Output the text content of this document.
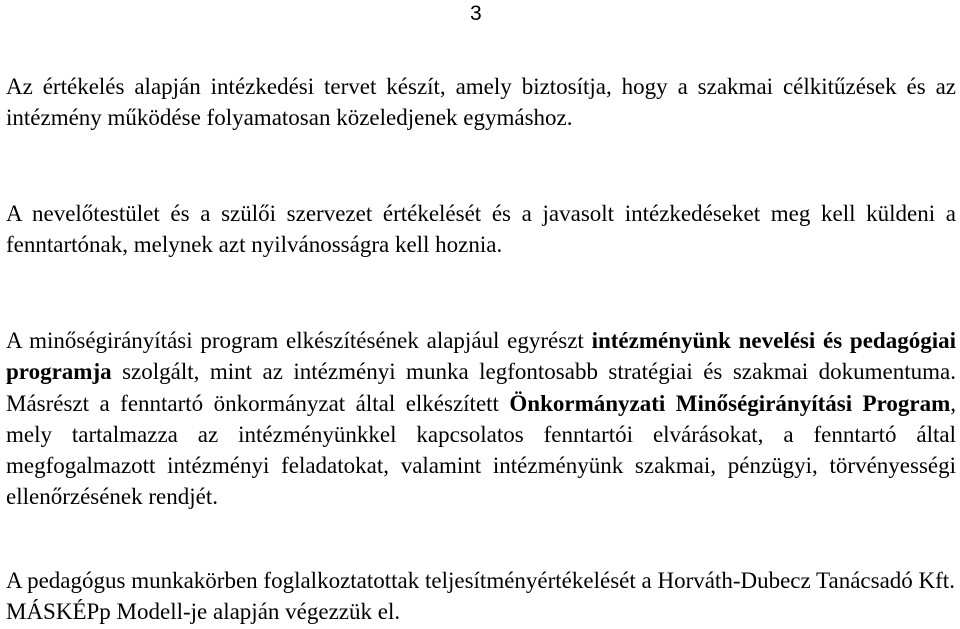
3
Az értékelés alapján intézkedési tervet készít, amely biztosítja, hogy a szakmai célkitűzések és az intézmény működése folyamatosan közeledjenek egymáshoz.
A nevelőtestület és a szülői szervezet értékelését és a javasolt intézkedéseket meg kell küldeni a fenntartónak, melynek azt nyilvánosságra kell hoznia.
A minőségirányítási program elkészítésének alapjául egyrészt intézményünk nevelési és pedagógiai programja szolgált, mint az intézményi munka legfontosabb stratégiai és szakmai dokumentuma. Másrészt a fenntartó önkormányzat által elkészített Önkormányzati Minőségirányítási Program, mely tartalmazza az intézményünkkel kapcsolatos fenntartói elvárásokat, a fenntartó által megfogalmazott intézményi feladatokat, valamint intézményünk szakmai, pénzügyi, törvényességi ellenőrzésének rendjét.
A pedagógus munkakörben foglalkoztatottak teljesítményértékelését a Horváth-Dubecz Tanácsadó Kft. MÁSKÉPp Modell-je alapján végezzük el.
